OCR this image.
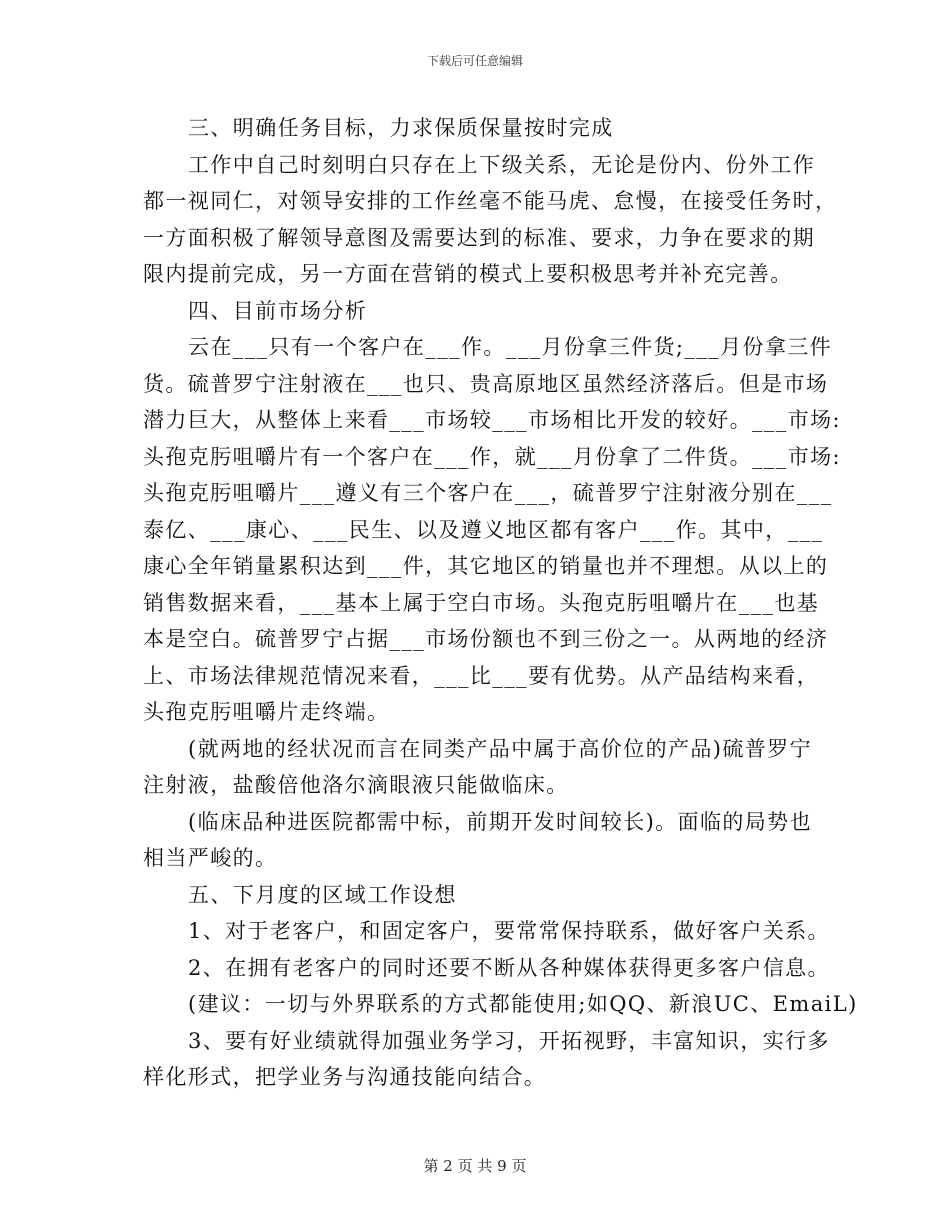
下载后可任意编辑
三、明确任务目标，力求保质保量按时完成
工作中自己时刻明白只存在上下级关系，无论是份内、份外工作
都一视同仁，对领导安排的工作丝毫不能马虎、怠慢，在接受任务时，
一方面积极了解领导意图及需要达到的标准、要求，力争在要求的期
限内提前完成，另一方面在营销的模式上要积极思考并补充完善。
四、目前市场分析
云在___只有一个客户在___作。___月份拿三件货;___月份拿三件
货。硫普罗宁注射液在___也只、贵高原地区虽然经济落后。但是市场
潜力巨大，从整体上来看___市场较___市场相比开发的较好。___市场:
头孢克肟咀嚼片有一个客户在___作，就___月份拿了二件货。___市场:
头孢克肟咀嚼片___遵义有三个客户在___，硫普罗宁注射液分别在___
泰亿、___康心、___民生、以及遵义地区都有客户___作。其中，___
康心全年销量累积达到___件，其它地区的销量也并不理想。从以上的
销售数据来看，___基本上属于空白市场。头孢克肟咀嚼片在___也基
本是空白。硫普罗宁占据___市场份额也不到三份之一。从两地的经济
上、市场法律规范情况来看，___比___要有优势。从产品结构来看，
头孢克肟咀嚼片走终端。
(就两地的经状况而言在同类产品中属于高价位的产品)硫普罗宁
注射液，盐酸倍他洛尔滴眼液只能做临床。
(临床品种进医院都需中标，前期开发时间较长)。面临的局势也
相当严峻的。
五、下月度的区域工作设想
1、对于老客户，和固定客户，要常常保持联系，做好客户关系。
2、在拥有老客户的同时还要不断从各种媒体获得更多客户信息。
(建议：一切与外界联系的方式都能使用;如QQ、新浪UC、EmaiL)
3、要有好业绩就得加强业务学习，开拓视野，丰富知识，实行多
样化形式，把学业务与沟通技能向结合。
第 2 页 共 9 页
